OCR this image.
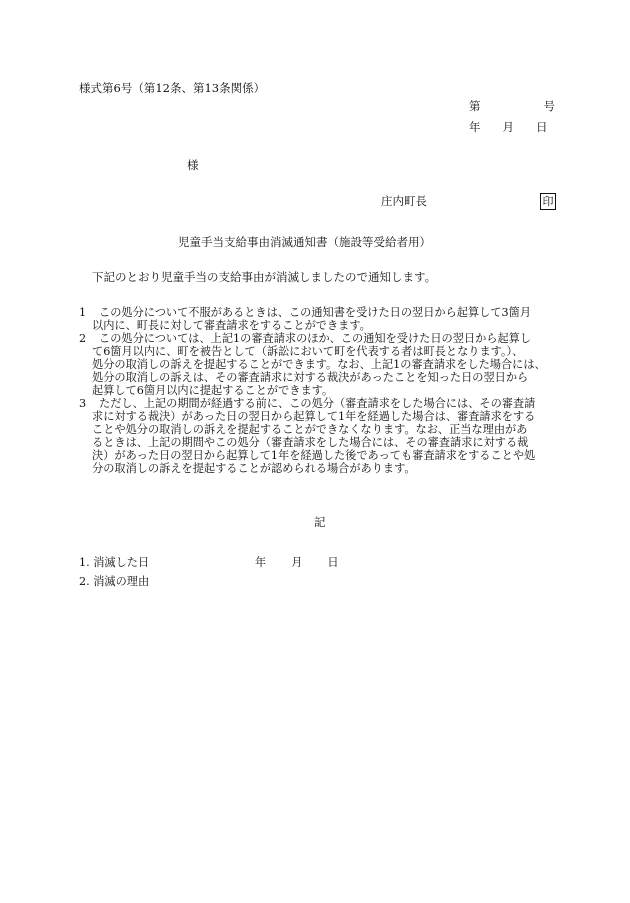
様式第6号（第12条、第13条関係）
第	号
年 月 日
様
庄内町長	印
児童手当支給事由消滅通知書（施設等受給者用）
下記のとおり児童手当の支給事由が消滅しましたので通知します。
1 この処分について不服があるときは、この通知書を受けた日の翌日から起算して3箇月
以内に、町長に対して審査請求をすることができます。
2 この処分については、上記1の審査請求のほか、この通知を受けた日の翌日から起算し
て6箇月以内に、町を被告として（訴訟において町を代表する者は町長となります。）、
処分の取消しの訴えを提起することができます。なお、上記1の審査請求をした場合には、
処分の取消しの訴えは、その審査請求に対する裁決があったことを知った日の翌日から
起算して6箇月以内に提起することができます。
3 ただし、上記の期間が経過する前に、この処分（審査請求をした場合には、その審査請
求に対する裁決）があった日の翌日から起算して1年を経過した場合は、審査請求をする
ことや処分の取消しの訴えを提起することができなくなります。なお、正当な理由があ
るときは、上記の期間やこの処分（審査請求をした場合には、その審査請求に対する裁
決）があった日の翌日から起算して1年を経過した後であっても審査請求をすることや処
分の取消しの訴えを提起することが認められる場合があります。
記
1. 消滅した日	年 月 日
2. 消滅の理由
